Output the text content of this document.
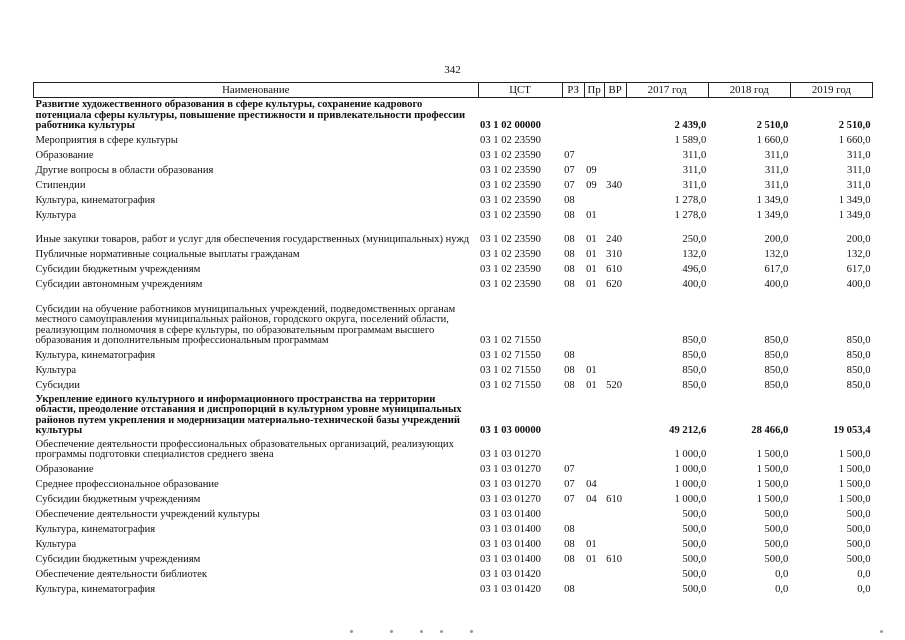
342
Наименование	ЦСТ	РЗ	Пр	ВР	2017 год	2018 год	2019 год
Развитие художественного образования в сфере культуры, сохранение кадрового потенциала сферы культуры, повышение престижности и привлекательности профессии работника культуры	03 1 02 00000				2 439,0	2 510,0	2 510,0
Мероприятия в сфере культуры	03 1 02 23590				1 589,0	1 660,0	1 660,0
Образование	03 1 02 23590	07			311,0	311,0	311,0
Другие вопросы в области образования	03 1 02 23590	07	09		311,0	311,0	311,0
Стипендии	03 1 02 23590	07	09	340	311,0	311,0	311,0
Культура, кинематография	03 1 02 23590	08			1 278,0	1 349,0	1 349,0
Культура	03 1 02 23590	08	01		1 278,0	1 349,0	1 349,0
Иные закупки товаров, работ и услуг для обеспечения государственных (муниципальных) нужд	03 1 02 23590	08	01	240	250,0	200,0	200,0
Публичные нормативные социальные выплаты гражданам	03 1 02 23590	08	01	310	132,0	132,0	132,0
Субсидии бюджетным учреждениям	03 1 02 23590	08	01	610	496,0	617,0	617,0
Субсидии автономным учреждениям	03 1 02 23590	08	01	620	400,0	400,0	400,0
Субсидии на обучение работников муниципальных учреждений, подведомственных органам местного самоуправления муниципальных районов, городского округа, поселений области, реализующим полномочия в сфере культуры, по образовательным программам высшего образования и дополнительным профессиональным программам	03 1 02 71550				850,0	850,0	850,0
Культура, кинематография	03 1 02 71550	08			850,0	850,0	850,0
Культура	03 1 02 71550	08	01		850,0	850,0	850,0
Субсидии	03 1 02 71550	08	01	520	850,0	850,0	850,0
Укрепление единого культурного и информационного пространства на территории области, преодоление отставания и диспропорций в культурном уровне муниципальных районов путем укрепления и модернизации материально-технической базы учреждений культуры	03 1 03 00000				49 212,6	28 466,0	19 053,4
Обеспечение деятельности профессиональных образовательных организаций, реализующих программы подготовки специалистов среднего звена	03 1 03 01270				1 000,0	1 500,0	1 500,0
Образование	03 1 03 01270	07			1 000,0	1 500,0	1 500,0
Среднее профессиональное образование	03 1 03 01270	07	04		1 000,0	1 500,0	1 500,0
Субсидии бюджетным учреждениям	03 1 03 01270	07	04	610	1 000,0	1 500,0	1 500,0
Обеспечение деятельности учреждений культуры	03 1 03 01400				500,0	500,0	500,0
Культура, кинематография	03 1 03 01400	08			500,0	500,0	500,0
Культура	03 1 03 01400	08	01		500,0	500,0	500,0
Субсидии бюджетным учреждениям	03 1 03 01400	08	01	610	500,0	500,0	500,0
Обеспечение деятельности библиотек	03 1 03 01420				500,0	0,0	0,0
Культура, кинематография	03 1 03 01420	08			500,0	0,0	0,0
